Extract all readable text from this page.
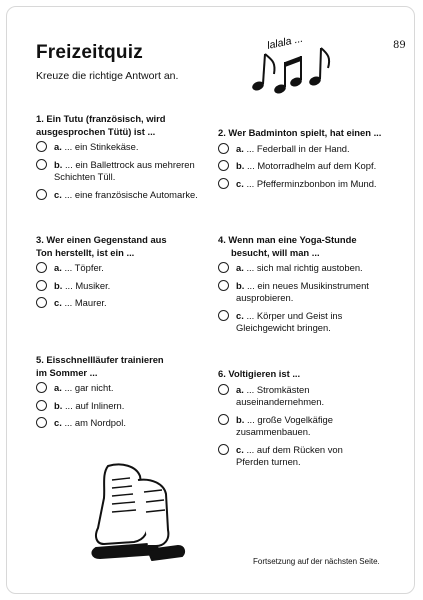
Freizeitquiz
Kreuze die richtige Antwort an.
89
lalala ...
1. Ein Tutu (französisch, wird
ausgesprochen Tütü) ist ...
a. ... ein Stinkekäse.
b. ... ein Ballettrock aus mehreren
Schichten Tüll.
c. ... eine französische Automarke.
2. Wer Badminton spielt, hat einen ...
a. ... Federball in der Hand.
b. ... Motorradhelm auf dem Kopf.
c. ... Pfefferminzbonbon im Mund.
3. Wer einen Gegenstand aus
Ton herstellt, ist ein ...
a. ... Töpfer.
b. ... Musiker.
c. ... Maurer.
4. Wenn man eine Yoga-Stunde
besucht, will man ...
a. ... sich mal richtig austoben.
b. ... ein neues Musikinstrument
ausprobieren.
c. ... Körper und Geist ins
Gleichgewicht bringen.
5. Eisschnellläufer trainieren
im Sommer ...
a. ... gar nicht.
b. ... auf Inlinern.
c. ... am Nordpol.
6. Voltigieren ist ...
a. ... Stromkästen
auseinandernehmen.
b. ... große Vogelkäfige
zusammenbauen.
c. ... auf dem Rücken von
Pferden turnen.
Fortsetzung auf der nächsten Seite.
